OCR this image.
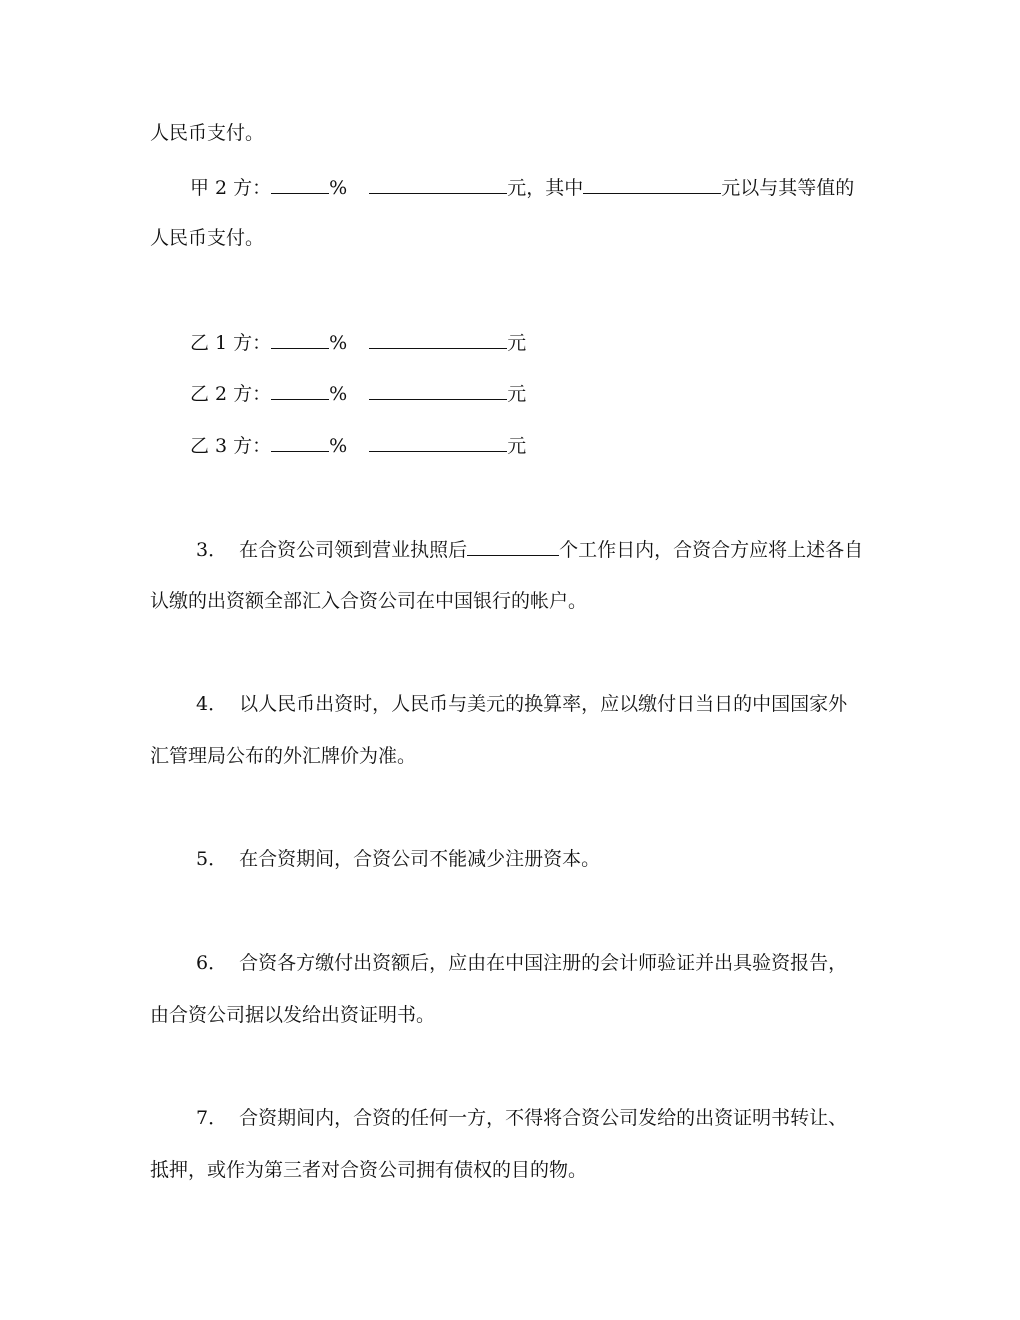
人民币支付。
甲 2 方：	%	元，其中	元以与其等值的
人民币支付。
乙 1 方：	%	元
乙 2 方：	%	元
乙 3 方：	%	元
3． 在合资公司领到营业执照后	个工作日内，合资合方应将上述各自
认缴的出资额全部汇入合资公司在中国银行的帐户。
4． 以人民币出资时，人民币与美元的换算率，应以缴付日当日的中国国家外
汇管理局公布的外汇牌价为准。
5． 在合资期间，合资公司不能减少注册资本。
6． 合资各方缴付出资额后，应由在中国注册的会计师验证并出具验资报告，
由合资公司据以发给出资证明书。
7． 合资期间内，合资的任何一方，不得将合资公司发给的出资证明书转让、
抵押，或作为第三者对合资公司拥有债权的目的物。
